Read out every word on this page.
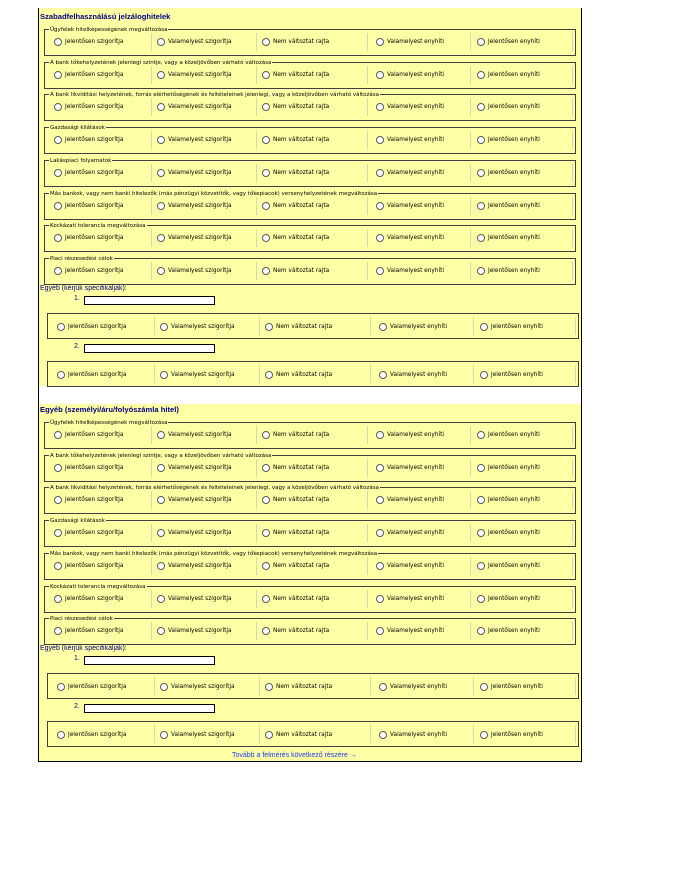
Tovább a felmérés következő részére →
Szabadfelhasználású jelzáloghitelek
Ügyfelek hitelképességének megváltozása
Jelentősen szigorítja	Valamelyest szigorítja	Nem változtat rajta	Valamelyest enyhíti	Jelentősen enyhíti
A bank tőkehelyzetének jelenlegi szintje, vagy a közeljövőben várható változása
Jelentősen szigorítja	Valamelyest szigorítja	Nem változtat rajta	Valamelyest enyhíti	Jelentősen enyhíti
A bank likviditási helyzetének, forrás elérhetőségének és feltételeinek jelenlegi, vagy a közeljövőben várható változása
Jelentősen szigorítja	Valamelyest szigorítja	Nem változtat rajta	Valamelyest enyhíti	Jelentősen enyhíti
Gazdasági kilátások
Jelentősen szigorítja	Valamelyest szigorítja	Nem változtat rajta	Valamelyest enyhíti	Jelentősen enyhíti
Lakáspiaci folyamatok
Jelentősen szigorítja	Valamelyest szigorítja	Nem változtat rajta	Valamelyest enyhíti	Jelentősen enyhíti
Más bankok, vagy nem banki hitelezők (más pénzügyi közvetítők, vagy tőkepiacok) versenyhelyzetének megváltozása
Jelentősen szigorítja	Valamelyest szigorítja	Nem változtat rajta	Valamelyest enyhíti	Jelentősen enyhíti
Kockázati tolerancia megváltozása
Jelentősen szigorítja	Valamelyest szigorítja	Nem változtat rajta	Valamelyest enyhíti	Jelentősen enyhíti
Piaci részesedési célok
Jelentősen szigorítja	Valamelyest szigorítja	Nem változtat rajta	Valamelyest enyhíti	Jelentősen enyhíti
Egyéb (kérjük specifikálják):
1.
Jelentősen szigorítja	Valamelyest szigorítja	Nem változtat rajta	Valamelyest enyhíti	Jelentősen enyhíti
2.
Jelentősen szigorítja	Valamelyest szigorítja	Nem változtat rajta	Valamelyest enyhíti	Jelentősen enyhíti
Egyéb (személyi/áru/folyószámla hitel)
Ügyfelek hitelképességének megváltozása
Jelentősen szigorítja	Valamelyest szigorítja	Nem változtat rajta	Valamelyest enyhíti	Jelentősen enyhíti
A bank tőkehelyzetének jelenlegi szintje, vagy a közeljövőben várható változása
Jelentősen szigorítja	Valamelyest szigorítja	Nem változtat rajta	Valamelyest enyhíti	Jelentősen enyhíti
A bank likviditási helyzetének, forrás elérhetőségének és feltételeinek jelenlegi, vagy a közeljövőben várható változása
Jelentősen szigorítja	Valamelyest szigorítja	Nem változtat rajta	Valamelyest enyhíti	Jelentősen enyhíti
Gazdasági kilátások
Jelentősen szigorítja	Valamelyest szigorítja	Nem változtat rajta	Valamelyest enyhíti	Jelentősen enyhíti
Más bankok, vagy nem banki hitelezők (más pénzügyi közvetítők, vagy tőkepiacok) versenyhelyzetének megváltozása
Jelentősen szigorítja	Valamelyest szigorítja	Nem változtat rajta	Valamelyest enyhíti	Jelentősen enyhíti
Kockázati tolerancia megváltozása
Jelentősen szigorítja	Valamelyest szigorítja	Nem változtat rajta	Valamelyest enyhíti	Jelentősen enyhíti
Piaci részesedési célok
Jelentősen szigorítja	Valamelyest szigorítja	Nem változtat rajta	Valamelyest enyhíti	Jelentősen enyhíti
Egyéb (kérjük specifikálják):
1.
Jelentősen szigorítja	Valamelyest szigorítja	Nem változtat rajta	Valamelyest enyhíti	Jelentősen enyhíti
2.
Jelentősen szigorítja	Valamelyest szigorítja	Nem változtat rajta	Valamelyest enyhíti	Jelentősen enyhíti
